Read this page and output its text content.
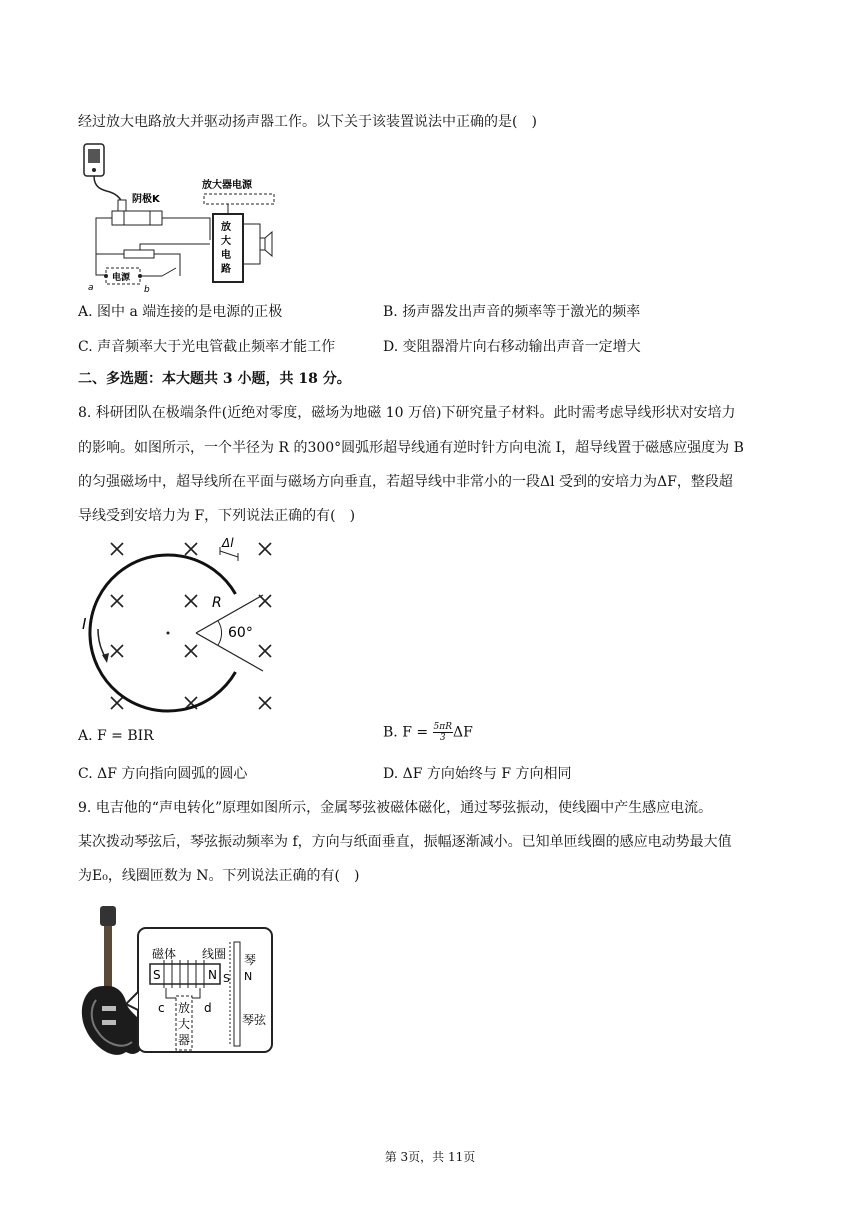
经过放大电路放大并驱动扬声器工作。以下关于该装置说法中正确的是(　)
阴极K
电源
a	b
放大器电源
放
大
电
路
A. 图中 a 端连接的是电源的正极	B. 扬声器发出声音的频率等于激光的频率
C. 声音频率大于光电管截止频率才能工作	D. 变阻器滑片向右移动输出声音一定增大
二、多选题：本大题共 3 小题，共 18 分。
8. 科研团队在极端条件(近绝对零度，磁场为地磁 10 万倍)下研究量子材料。此时需考虑导线形状对安培力
的影响。如图所示，一个半径为 R 的300°圆弧形超导线通有逆时针方向电流 I，超导线置于磁感应强度为 B
的匀强磁场中，超导线所在平面与磁场方向垂直，若超导线中非常小的一段Δl 受到的安培力为ΔF，整段超
导线受到安培力为 F，下列说法正确的有(　)
60°
R
Δl
I
A. F = BIR	B. $F = \frac{5\pi R}{3}$ ΔF
C. ΔF 方向指向圆弧的圆心	D. ΔF 方向始终与 F 方向相同
9. 电吉他的“声电转化”原理如图所示，金属琴弦被磁体磁化，通过琴弦振动，使线圈中产生感应电流。
某次拨动琴弦后，琴弦振动频率为 f，方向与纸面垂直，振幅逐渐减小。已知单匝线圈的感应电动势最大值
为E₀，线圈匝数为 N。下列说法正确的有(　)
磁体 线圈
S	N
c	d
放
大
器
S N
琴
琴弦
第 3页，共 11页
